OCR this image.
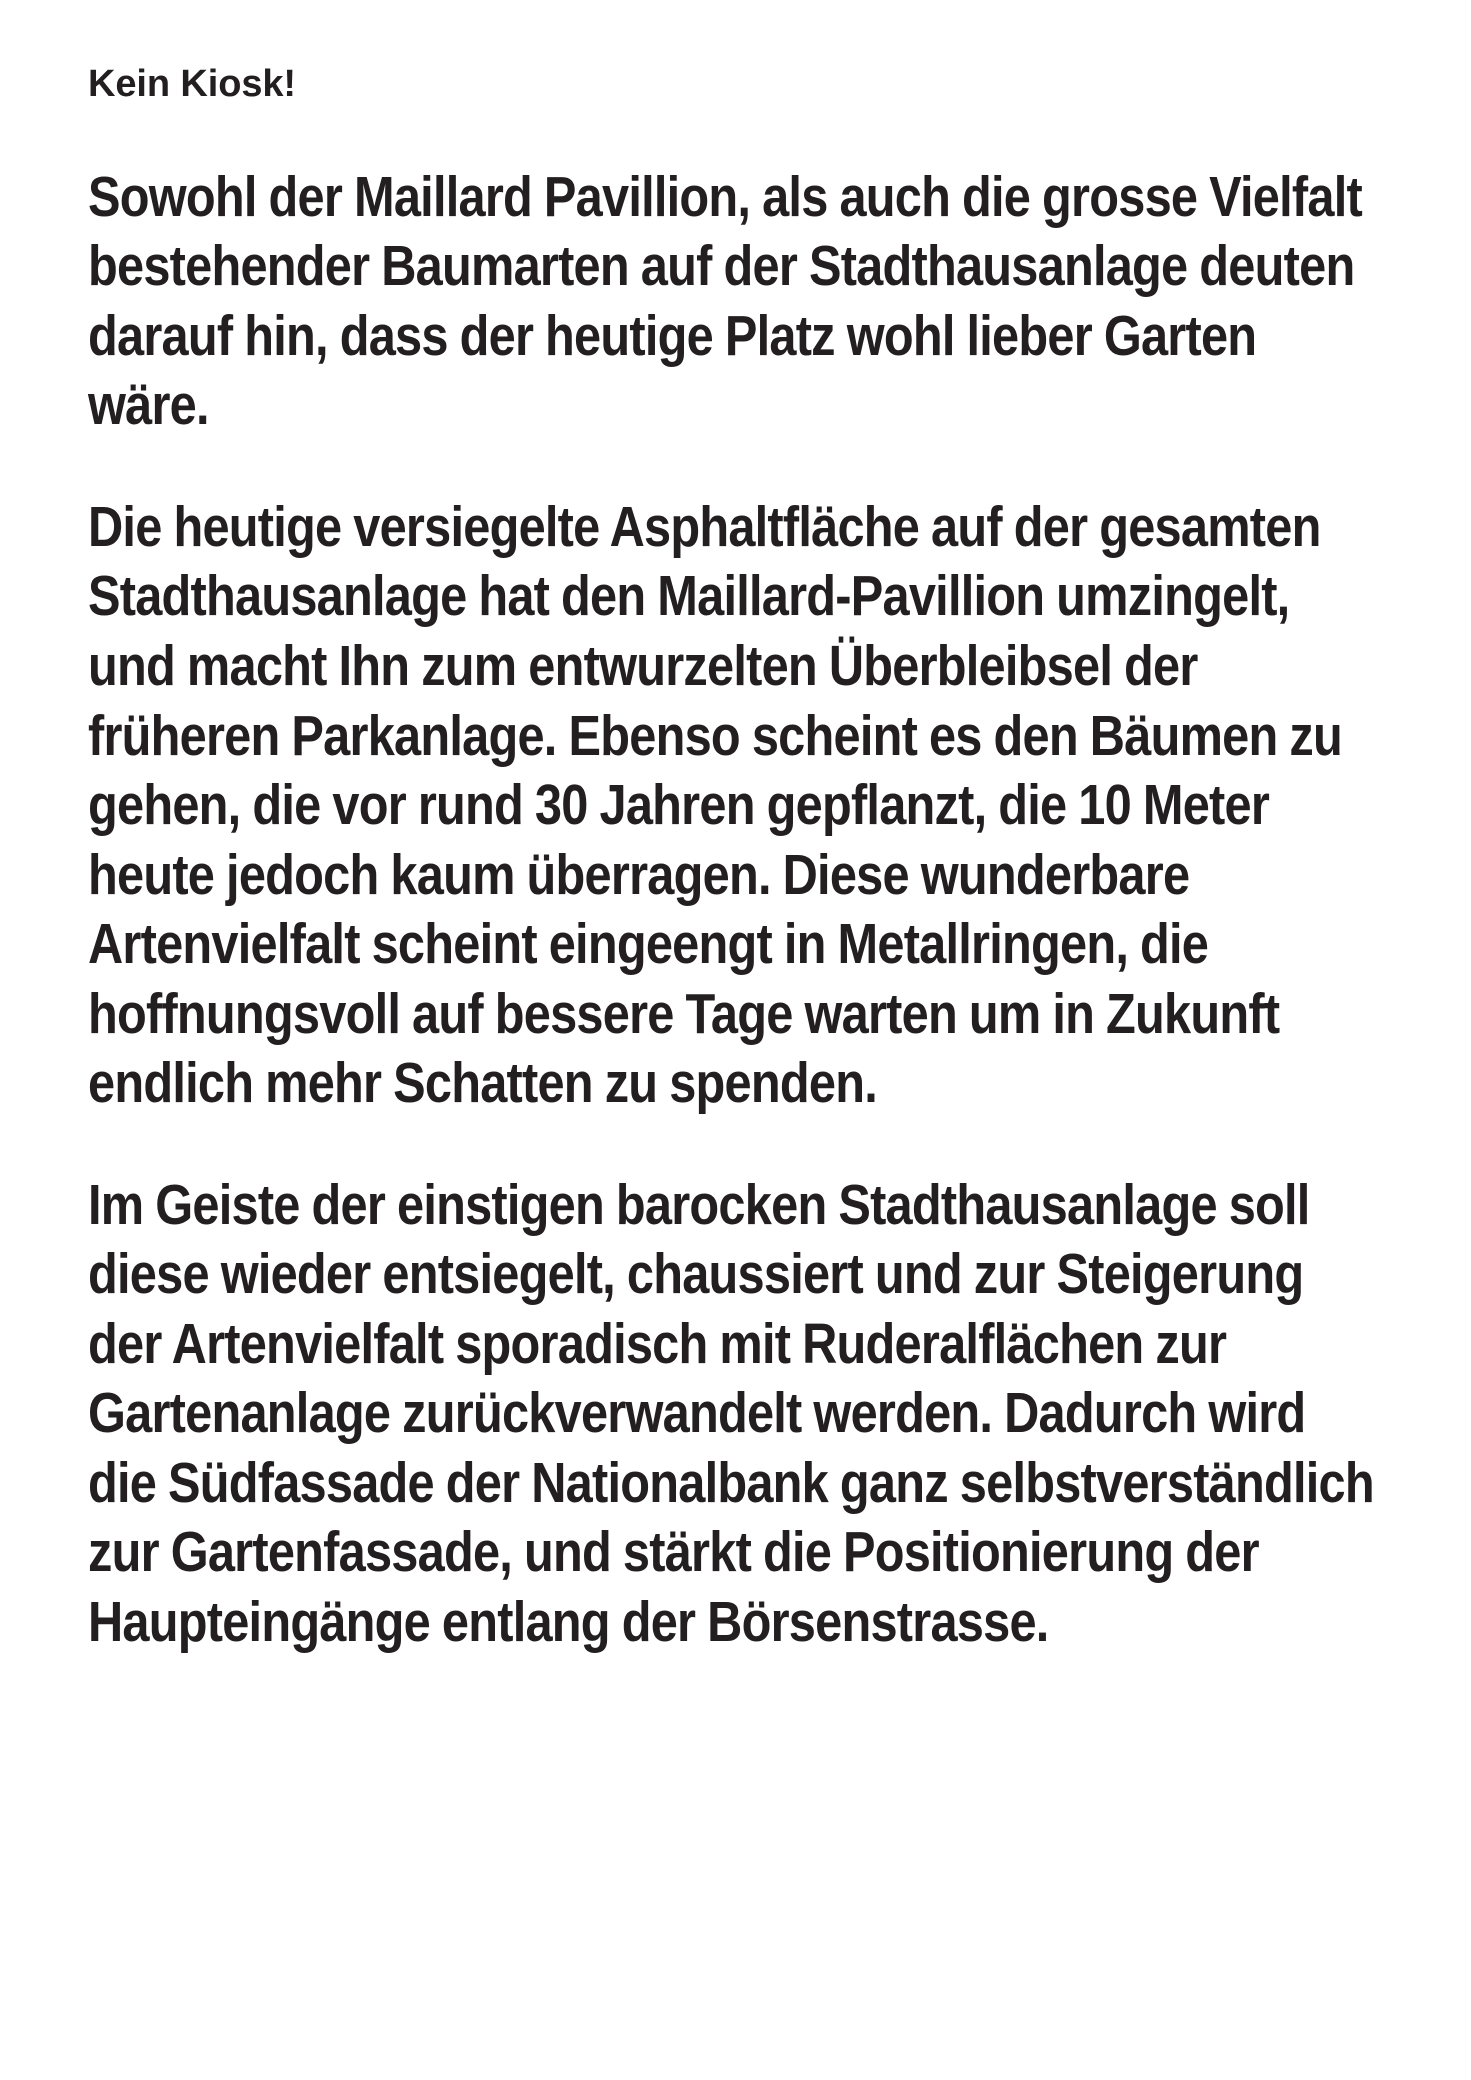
Kein Kiosk!

Sowohl der Maillard Pavillion, als auch die grosse Vielfalt bestehender Baumarten auf der Stadthausanlage deuten darauf hin, dass der heutige Platz wohl lieber Garten wäre.

Die heutige versiegelte Asphaltfläche auf der gesamten Stadthausanlage hat den Maillard-Pavillion umzingelt, und macht Ihn zum entwurzelten Überbleibsel der früheren Parkanlage. Ebenso scheint es den Bäumen zu gehen, die vor rund 30 Jahren gepflanzt, die 10 Meter heute jedoch kaum überragen. Diese wunderbare Artenvielfalt scheint eingeengt in Metallringen, die hoffnungsvoll auf bessere Tage warten um in Zukunft endlich mehr Schatten zu spenden.

Im Geiste der einstigen barocken Stadthausanlage soll diese wieder entsiegelt, chaussiert und zur Steigerung der Artenvielfalt sporadisch mit Ruderalflächen zur Gartenanlage zurückverwandelt werden. Dadurch wird die Südfassade der Nationalbank ganz selbstverständlich zur Gartenfassade, und stärkt die Positionierung der Haupteingänge entlang der Börsenstrasse.
